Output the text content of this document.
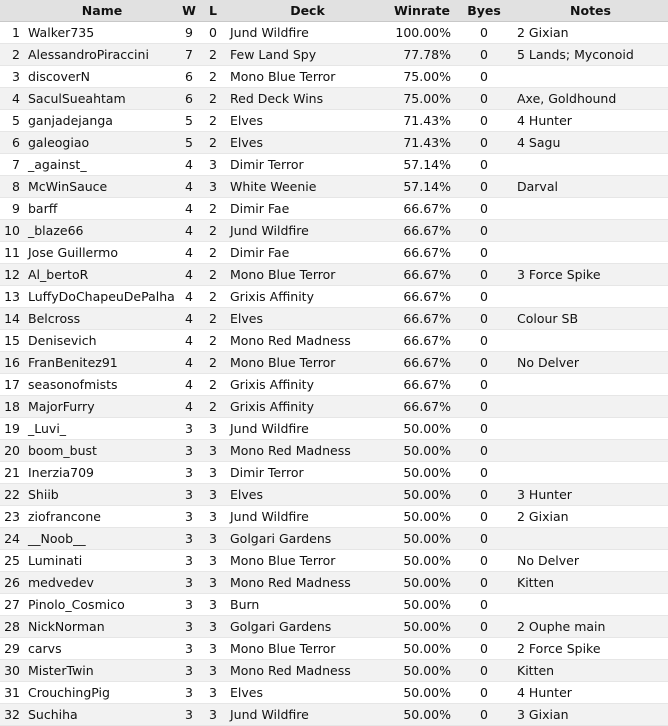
	Name	W	L	Deck	Winrate	Byes	Notes
1	Walker735	9	0	Jund Wildfire	100.00%	0	2 Gixian
2	AlessandroPiraccini	7	2	Few Land Spy	77.78%	0	5 Lands; Myconoid
3	discoverN	6	2	Mono Blue Terror	75.00%	0	
4	SaculSueahtam	6	2	Red Deck Wins	75.00%	0	Axe, Goldhound
5	ganjadejanga	5	2	Elves	71.43%	0	4 Hunter
6	galeogiao	5	2	Elves	71.43%	0	4 Sagu
7	_against_	4	3	Dimir Terror	57.14%	0	
8	McWinSauce	4	3	White Weenie	57.14%	0	Darval
9	barff	4	2	Dimir Fae	66.67%	0	
10	_blaze66	4	2	Jund Wildfire	66.67%	0	
11	Jose Guillermo	4	2	Dimir Fae	66.67%	0	
12	Al_bertoR	4	2	Mono Blue Terror	66.67%	0	3 Force Spike
13	LuffyDoChapeuDePalha	4	2	Grixis Affinity	66.67%	0	
14	Belcross	4	2	Elves	66.67%	0	Colour SB
15	Denisevich	4	2	Mono Red Madness	66.67%	0	
16	FranBenitez91	4	2	Mono Blue Terror	66.67%	0	No Delver
17	seasonofmists	4	2	Grixis Affinity	66.67%	0	
18	MajorFurry	4	2	Grixis Affinity	66.67%	0	
19	_Luvi_	3	3	Jund Wildfire	50.00%	0	
20	boom_bust	3	3	Mono Red Madness	50.00%	0	
21	Inerzia709	3	3	Dimir Terror	50.00%	0	
22	Shiib	3	3	Elves	50.00%	0	3 Hunter
23	ziofrancone	3	3	Jund Wildfire	50.00%	0	2 Gixian
24	__Noob__	3	3	Golgari Gardens	50.00%	0	
25	Luminati	3	3	Mono Blue Terror	50.00%	0	No Delver
26	medvedev	3	3	Mono Red Madness	50.00%	0	Kitten
27	Pinolo_Cosmico	3	3	Burn	50.00%	0	
28	NickNorman	3	3	Golgari Gardens	50.00%	0	2 Ouphe main
29	carvs	3	3	Mono Blue Terror	50.00%	0	2 Force Spike
30	MisterTwin	3	3	Mono Red Madness	50.00%	0	Kitten
31	CrouchingPig	3	3	Elves	50.00%	0	4 Hunter
32	Suchiha	3	3	Jund Wildfire	50.00%	0	3 Gixian
